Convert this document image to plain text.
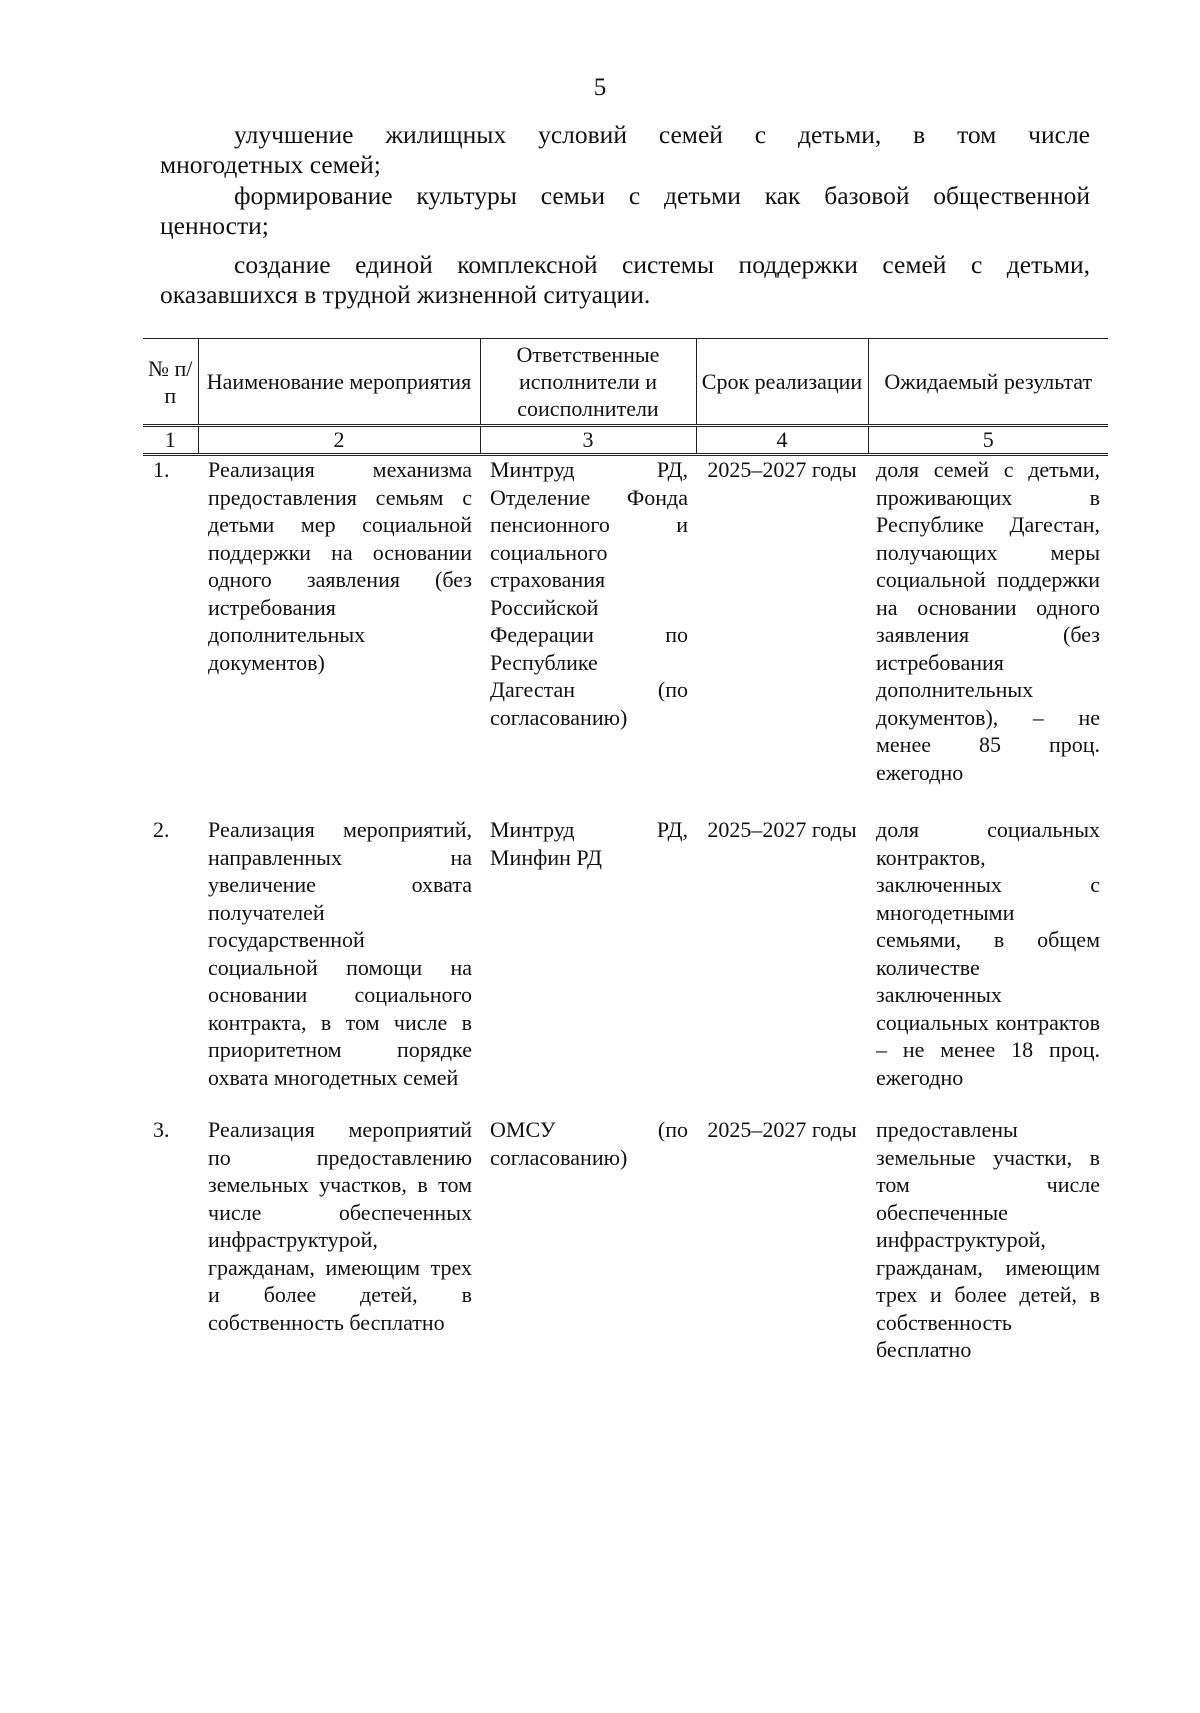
5
улучшение жилищных условий семей с детьми, в том числе
многодетных семей;
формирование культуры семьи с детьми как базовой общественной
ценности;
создание единой комплексной системы поддержки семей с детьми,
оказавшихся в трудной жизненной ситуации.
№ п/п	Наименование мероприятия	Ответственные исполнители и соисполнители	Срок реализации	Ожидаемый результат
1	2	3	4	5
1.	Реализация механизма предоставления семьям с детьми мер социальной поддержки на основании одного заявления (без истребования дополнительных документов)	Минтруд РД, Отделение Фонда пенсионного и социального страхования Российской Федерации по Республике Дагестан (по согласованию)	2025–2027 годы	доля семей с детьми, проживающих в Республике Дагестан, получающих меры социальной поддержки на основании одного заявления (без истребования дополнительных документов), – не менее 85 проц. ежегодно
2.	Реализация мероприятий, направленных на увеличение охвата получателей государственной социальной помощи на основании социального контракта, в том числе в приоритетном порядке охвата многодетных семей	Минтруд РД, Минфин РД	2025–2027 годы	доля социальных контрактов, заключенных с многодетными семьями, в общем количестве заключенных социальных контрактов – не менее 18 проц. ежегодно
3.	Реализация мероприятий по предоставлению земельных участков, в том числе обеспеченных инфраструктурой, гражданам, имеющим трех и более детей, в собственность бесплатно	ОМСУ (по согласованию)	2025–2027 годы	предоставлены земельные участки, в том числе обеспеченные инфраструктурой, гражданам, имеющим трех и более детей, в собственность бесплатно
